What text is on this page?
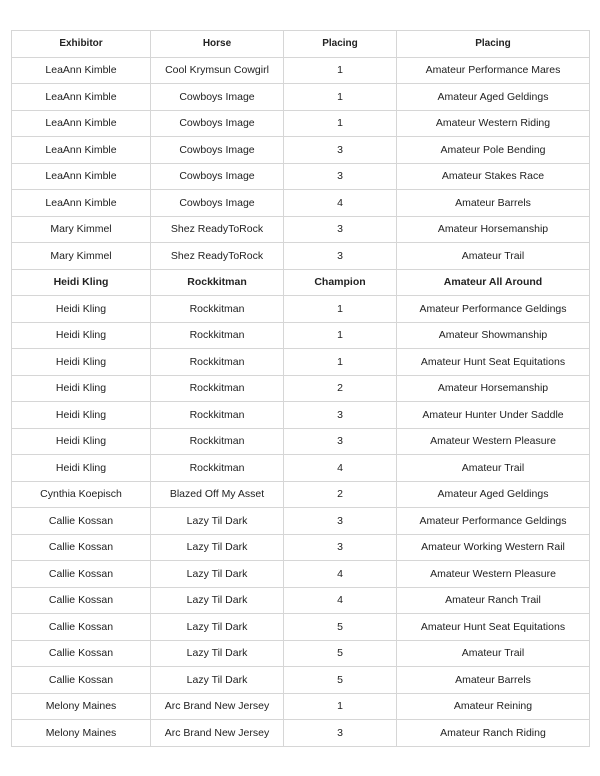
Exhibitor	Horse	Placing	Placing
LeaAnn Kimble	Cool Krymsun Cowgirl	1	Amateur Performance Mares
LeaAnn Kimble	Cowboys Image	1	Amateur Aged Geldings
LeaAnn Kimble	Cowboys Image	1	Amateur Western Riding
LeaAnn Kimble	Cowboys Image	3	Amateur Pole Bending
LeaAnn Kimble	Cowboys Image	3	Amateur Stakes Race
LeaAnn Kimble	Cowboys Image	4	Amateur Barrels
Mary Kimmel	Shez ReadyToRock	3	Amateur Horsemanship
Mary Kimmel	Shez ReadyToRock	3	Amateur Trail
Heidi Kling	Rockkitman	Champion	Amateur All Around
Heidi Kling	Rockkitman	1	Amateur Performance Geldings
Heidi Kling	Rockkitman	1	Amateur Showmanship
Heidi Kling	Rockkitman	1	Amateur Hunt Seat Equitations
Heidi Kling	Rockkitman	2	Amateur Horsemanship
Heidi Kling	Rockkitman	3	Amateur Hunter Under Saddle
Heidi Kling	Rockkitman	3	Amateur Western Pleasure
Heidi Kling	Rockkitman	4	Amateur Trail
Cynthia Koepisch	Blazed Off My Asset	2	Amateur Aged Geldings
Callie Kossan	Lazy Til Dark	3	Amateur Performance Geldings
Callie Kossan	Lazy Til Dark	3	Amateur Working Western Rail
Callie Kossan	Lazy Til Dark	4	Amateur Western Pleasure
Callie Kossan	Lazy Til Dark	4	Amateur Ranch Trail
Callie Kossan	Lazy Til Dark	5	Amateur Hunt Seat Equitations
Callie Kossan	Lazy Til Dark	5	Amateur Trail
Callie Kossan	Lazy Til Dark	5	Amateur Barrels
Melony Maines	Arc Brand New Jersey	1	Amateur Reining
Melony Maines	Arc Brand New Jersey	3	Amateur Ranch Riding
